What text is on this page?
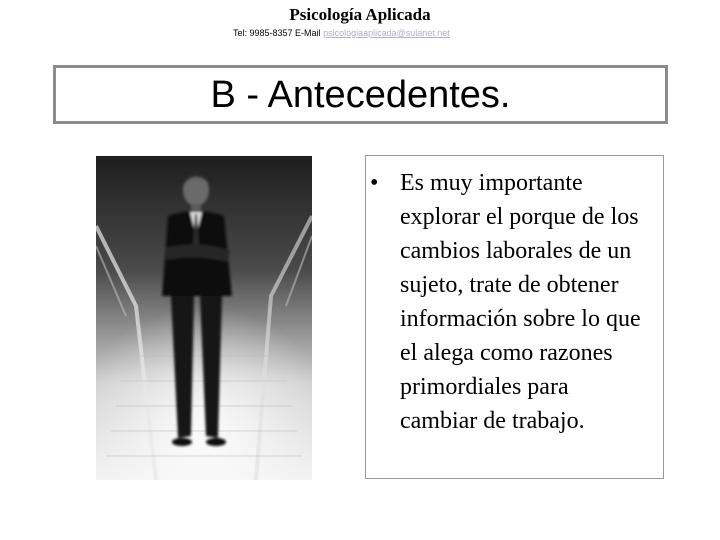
Psicología Aplicada
Tel: 9985-8357 E-Mail psicologiaaplicada@sulanet.net
B - Antecedentes.
• Es muy importante explorar el porque de los cambios laborales de un sujeto, trate de obtener información sobre lo que el alega como razones primordiales para cambiar de trabajo.
